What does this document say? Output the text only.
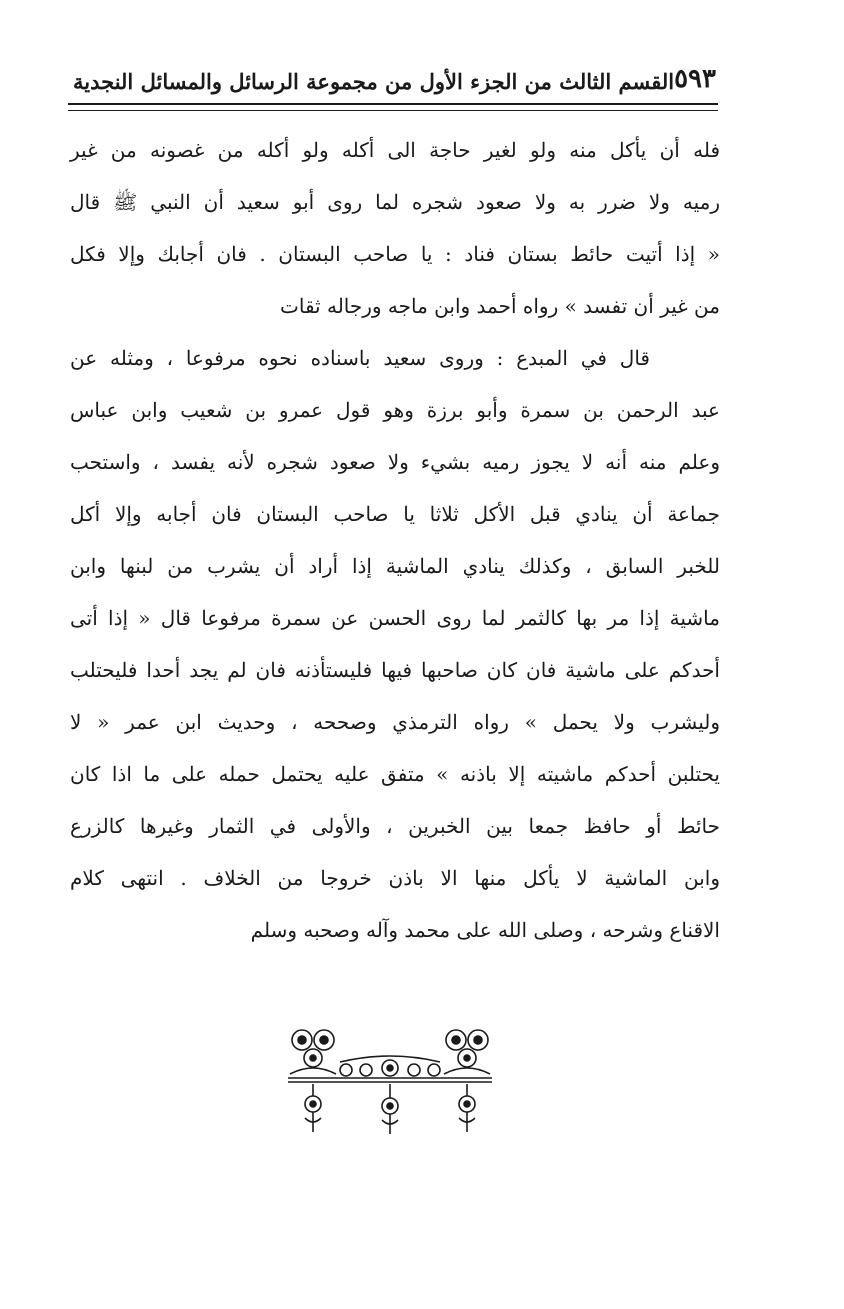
٥٩٣
القسم الثالث من الجزء الأول من مجموعة الرسائل والمسائل النجدية
فله أن يأكل منه ولو لغير حاجة الى أكله ولو أكله من غصونه من غير
رميه ولا ضرر به ولا صعود شجره لما روى أبو سعيد أن النبي ﷺ قال
« إذا أتيت حائط بستان فناد : يا صاحب البستان . فان أجابك وإلا فكل
من غير أن تفسد » رواه أحمد وابن ماجه ورجاله ثقات
قال في المبدع : وروى سعيد باسناده نحوه مرفوعا ، ومثله عن
عبد الرحمن بن سمرة وأبو برزة وهو قول عمرو بن شعيب وابن عباس
وعلم منه أنه لا يجوز رميه بشيء ولا صعود شجره لأنه يفسد ، واستحب
جماعة أن ينادي قبل الأكل ثلاثا يا صاحب البستان فان أجابه وإلا أكل
للخبر السابق ، وكذلك ينادي الماشية إذا أراد أن يشرب من لبنها وابن
ماشية إذا مر بها كالثمر لما روى الحسن عن سمرة مرفوعا قال « إذا أتى
أحدكم على ماشية فان كان صاحبها فيها فليستأذنه فان لم يجد أحدا فليحتلب
وليشرب ولا يحمل » رواه الترمذي وصححه ، وحديث ابن عمر « لا
يحتلبن أحدكم ماشيته إلا باذنه » متفق عليه يحتمل حمله على ما اذا كان
حائط أو حافظ جمعا بين الخبرين ، والأولى في الثمار وغيرها كالزرع
وابن الماشية لا يأكل منها الا باذن خروجا من الخلاف . انتهى كلام
الاقناع وشرحه ، وصلى الله على محمد وآله وصحبه وسلم
